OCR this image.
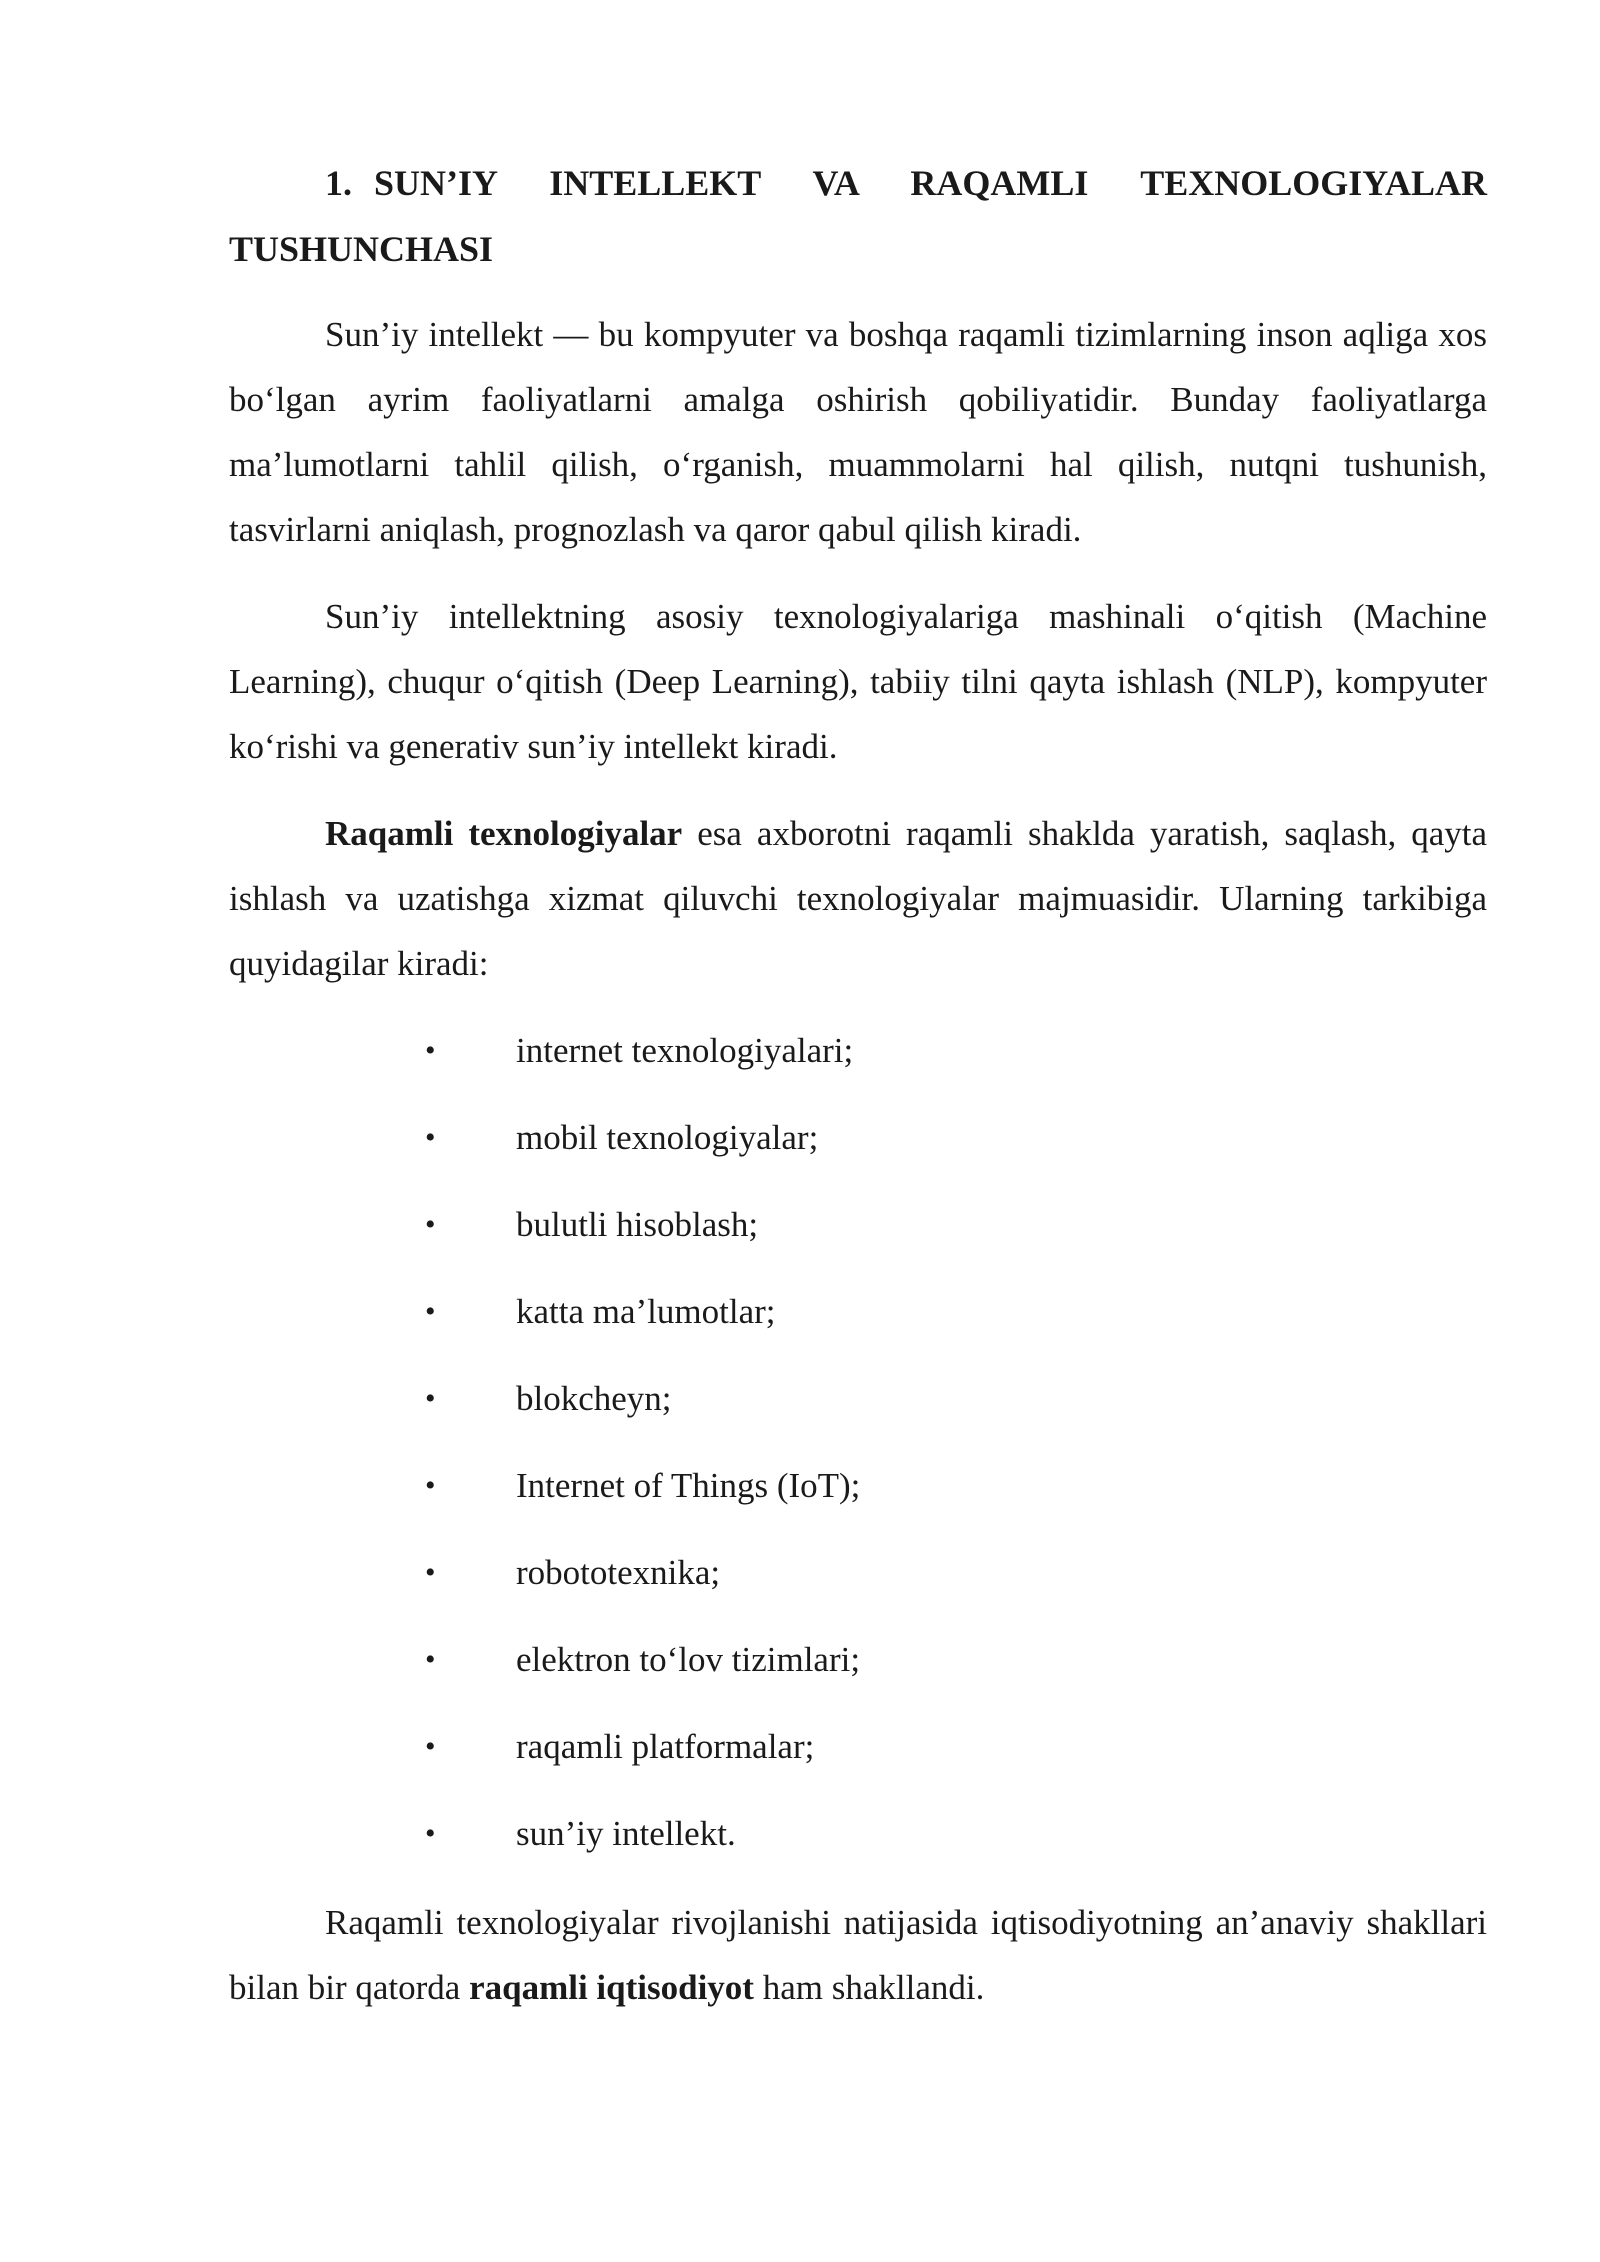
1. SUN’IY INTELLEKT VA RAQAMLI TEXNOLOGIYALAR TUSHUNCHASI

Sun’iy intellekt — bu kompyuter va boshqa raqamli tizimlarning inson aqliga xos bo‘lgan ayrim faoliyatlarni amalga oshirish qobiliyatidir. Bunday faoliyatlarga ma’lumotlarni tahlil qilish, o‘rganish, muammolarni hal qilish, nutqni tushunish, tasvirlarni aniqlash, prognozlash va qaror qabul qilish kiradi.

Sun’iy intellektning asosiy texnologiyalariga mashinali o‘qitish (Machine Learning), chuqur o‘qitish (Deep Learning), tabiiy tilni qayta ishlash (NLP), kompyuter ko‘rishi va generativ sun’iy intellekt kiradi.

Raqamli texnologiyalar esa axborotni raqamli shaklda yaratish, saqlash, qayta ishlash va uzatishga xizmat qiluvchi texnologiyalar majmuasidir. Ularning tarkibiga quyidagilar kiradi:

• internet texnologiyalari;
• mobil texnologiyalar;
• bulutli hisoblash;
• katta ma’lumotlar;
• blokcheyn;
• Internet of Things (IoT);
• robototexnika;
• elektron to‘lov tizimlari;
• raqamli platformalar;
• sun’iy intellekt.

Raqamli texnologiyalar rivojlanishi natijasida iqtisodiyotning an’anaviy shakllari bilan bir qatorda raqamli iqtisodiyot ham shakllandi.
